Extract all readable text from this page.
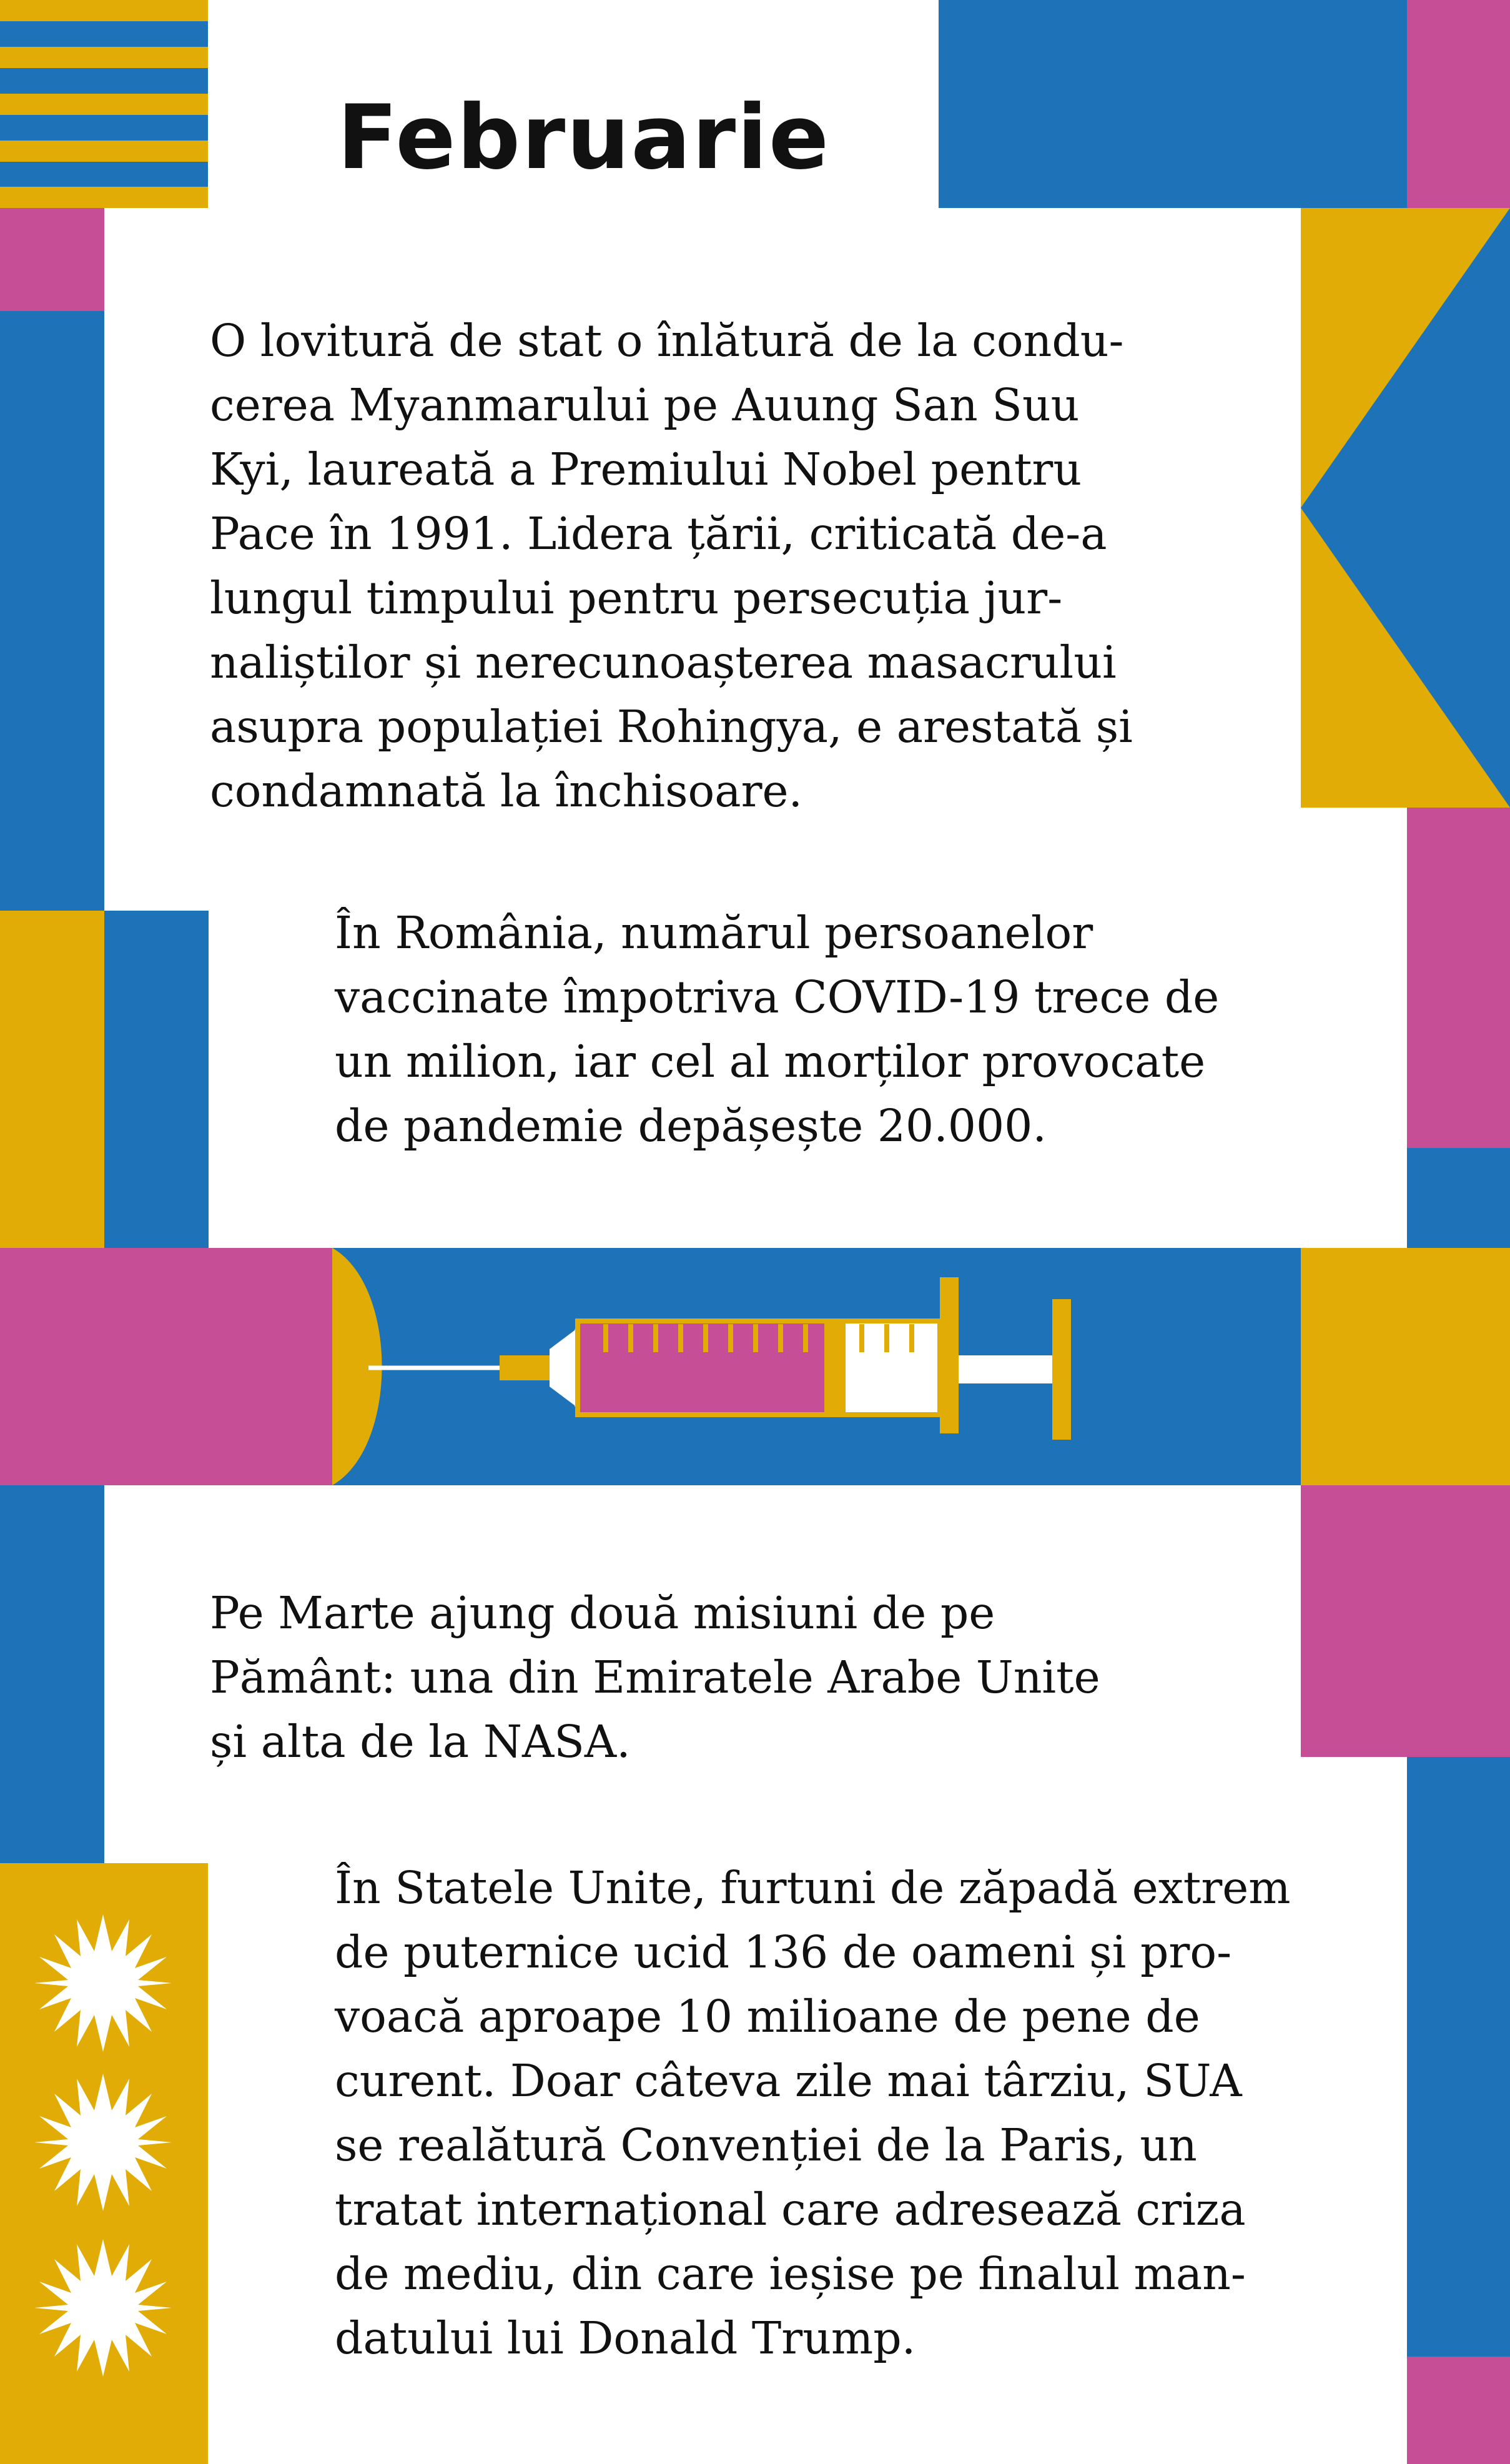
Februarie
O lovitură de stat o înlătură de la condu-
cerea Myanmarului pe Auung San Suu
Kyi, laureată a Premiului Nobel pentru
Pace în 1991. Lidera țării, criticată de-a
lungul timpului pentru persecuția jur-
naliștilor și nerecunoașterea masacrului
asupra populației Rohingya, e arestată și
condamnată la închisoare.
În România, numărul persoanelor
vaccinate împotriva COVID-19 trece de
un milion, iar cel al morților provocate
de pandemie depășește 20.000.
Pe Marte ajung două misiuni de pe
Pământ: una din Emiratele Arabe Unite
și alta de la NASA.
În Statele Unite, furtuni de zăpadă extrem
de puternice ucid 136 de oameni și pro-
voacă aproape 10 milioane de pene de
curent. Doar câteva zile mai târziu, SUA
se realătură Convenției de la Paris, un
tratat internațional care adresează criza
de mediu, din care ieșise pe finalul man-
datului lui Donald Trump.
